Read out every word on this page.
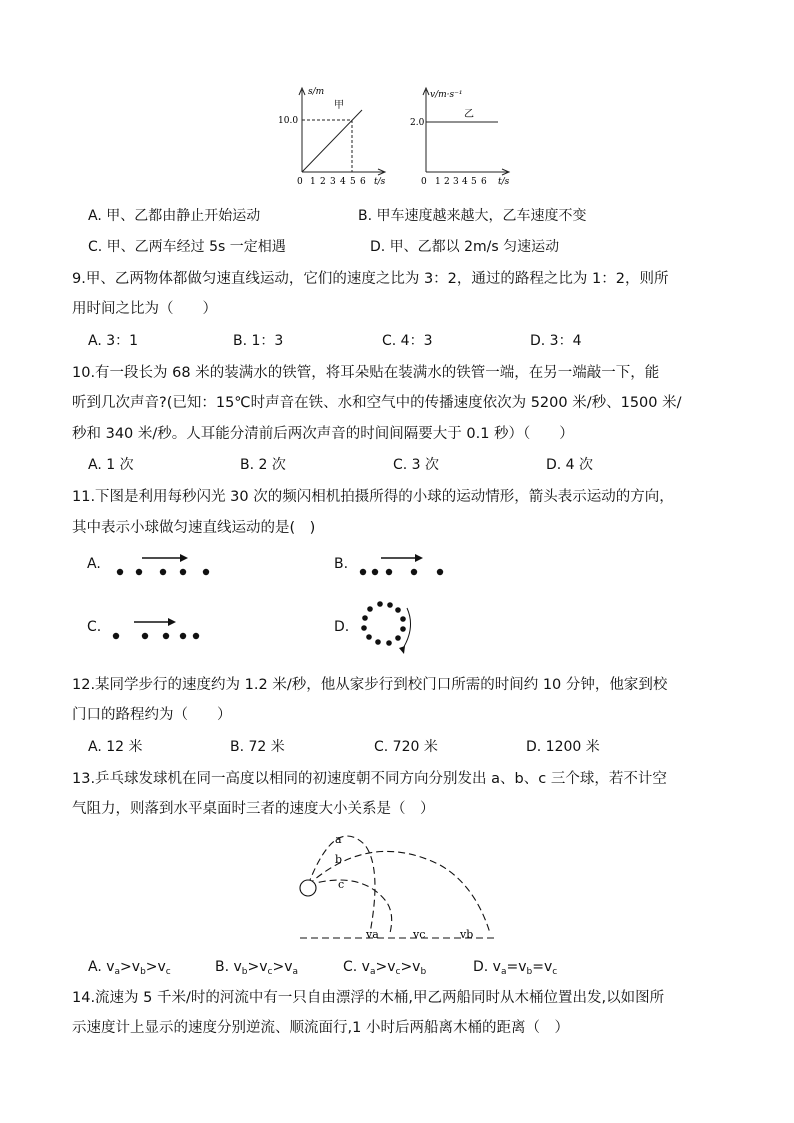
s/m
甲
10.0
0 1 2 3 4 5 6 t/s
v/m·s⁻¹
乙
2.0
0 1 2 3 4 5 6 t/s
A. 甲、乙都由静止开始运动	B. 甲车速度越来越大，乙车速度不变
C. 甲、乙两车经过 5s 一定相遇	D. 甲、乙都以 2m/s 匀速运动
9.甲、乙两物体都做匀速直线运动，它们的速度之比为 3：2，通过的路程之比为 1：2，则所
用时间之比为（　　）
A. 3：1	B. 1：3	C. 4：3	D. 3：4
10.有一段长为 68 米的装满水的铁管，将耳朵贴在装满水的铁管一端，在另一端敲一下，能
听到几次声音?(已知：15℃时声音在铁、水和空气中的传播速度依次为 5200 米/秒、1500 米/
秒和 340 米/秒。人耳能分清前后两次声音的时间间隔要大于 0.1 秒）（　　）
A. 1 次	B. 2 次	C. 3 次	D. 4 次
11.下图是利用每秒闪光 30 次的频闪相机拍摄所得的小球的运动情形，箭头表示运动的方向，
其中表示小球做匀速直线运动的是(　)
A.	B.
C.	D.
12.某同学步行的速度约为 1.2 米/秒，他从家步行到校门口所需的时间约 10 分钟，他家到校
门口的路程约为（　　）
A. 12 米	B. 72 米	C. 720 米	D. 1200 米
13.乒乓球发球机在同一高度以相同的初速度朝不同方向分别发出 a、b、c 三个球，若不计空
气阻力，则落到水平桌面时三者的速度大小关系是（　）
a
b
c
va	vc	vb
A. $v_a>v_b>v_c$	B. $v_b>v_c>v_a$	C. $v_a>v_c>v_b$	D. $v_a=v_b=v_c$
14.流速为 5 千米/时的河流中有一只自由漂浮的木桶,甲乙两船同时从木桶位置出发,以如图所
示速度计上显示的速度分别逆流、顺流面行,1 小时后两船离木桶的距离（　）
